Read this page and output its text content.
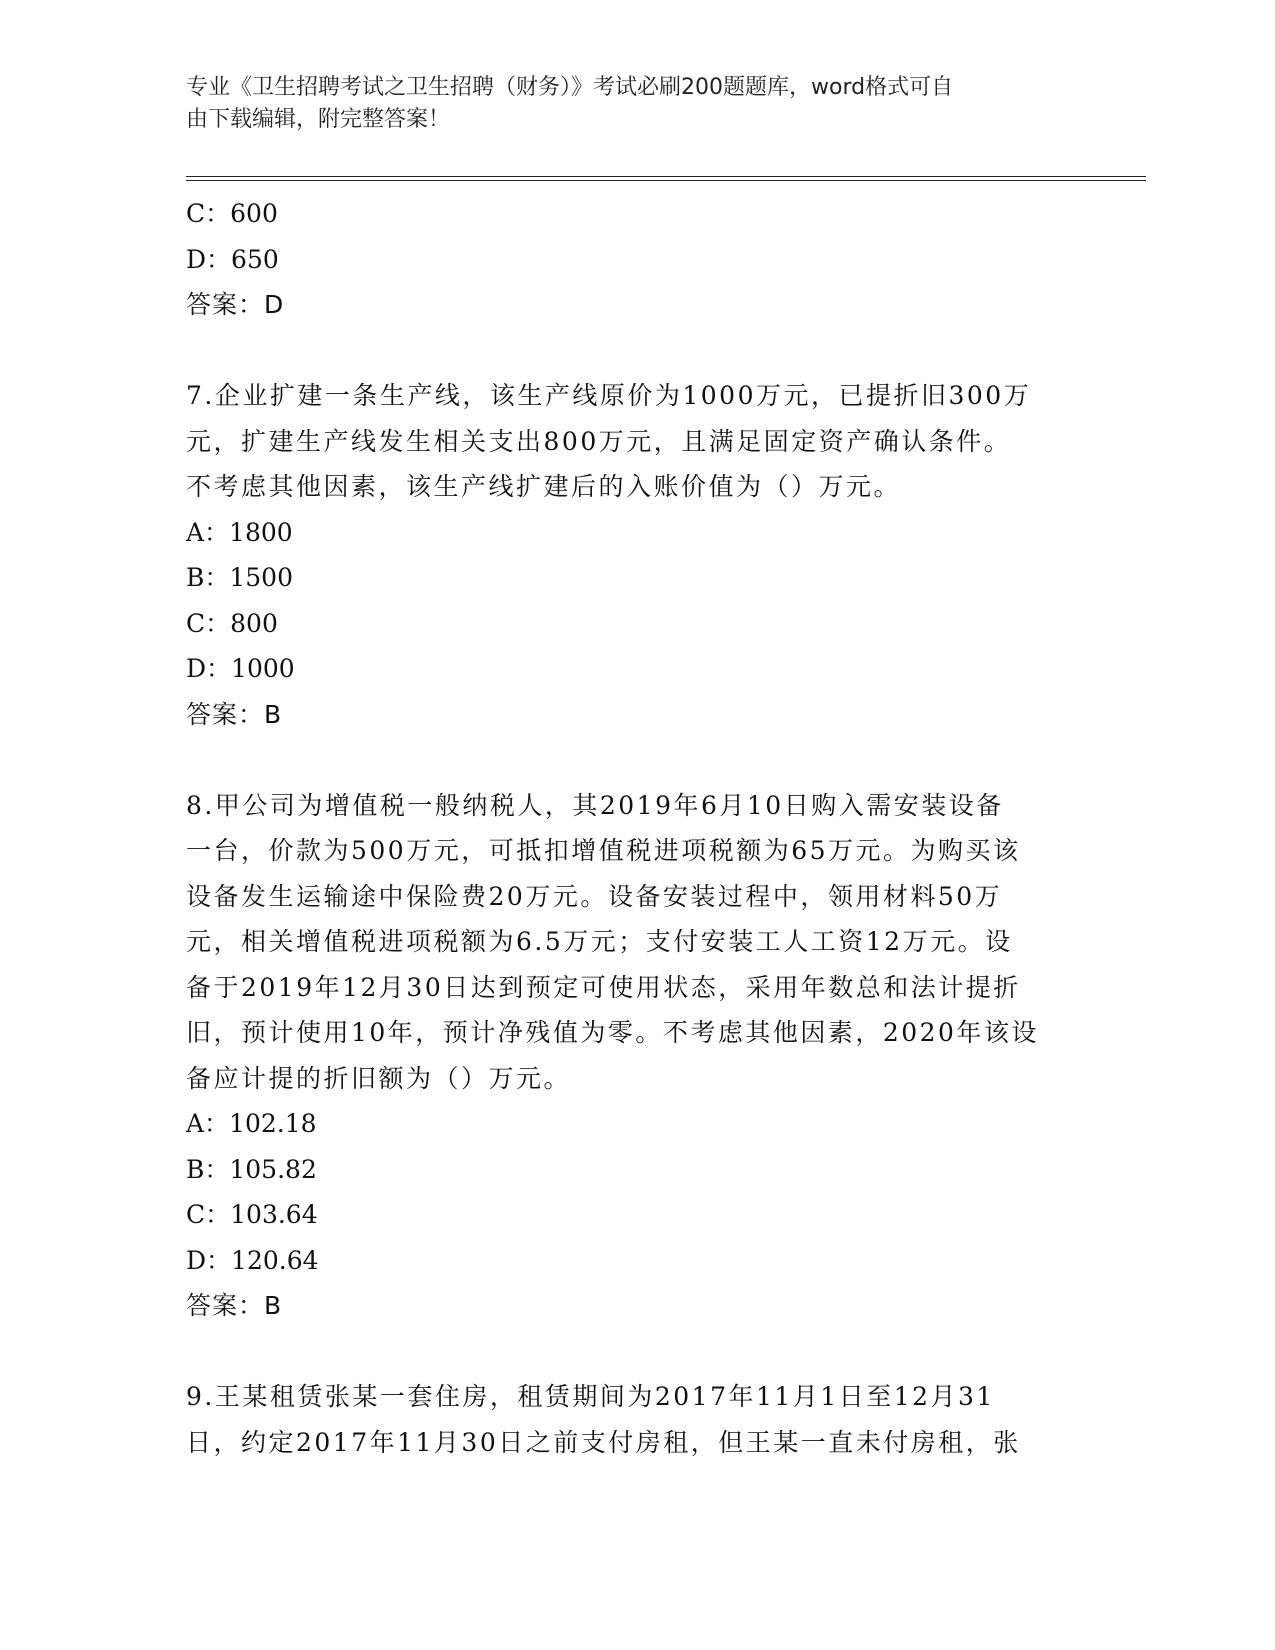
专业《卫生招聘考试之卫生招聘（财务）》考试必刷200题题库，word格式可自
由下载编辑，附完整答案！
C：600
D：650
答案：D
7.企业扩建一条生产线，该生产线原价为1000万元，已提折旧300万
元，扩建生产线发生相关支出800万元，且满足固定资产确认条件。
不考虑其他因素，该生产线扩建后的入账价值为（）万元。
A：1800
B：1500
C：800
D：1000
答案：B
8.甲公司为增值税一般纳税人，其2019年6月10日购入需安装设备
一台，价款为500万元，可抵扣增值税进项税额为65万元。为购买该
设备发生运输途中保险费20万元。设备安装过程中，领用材料50万
元，相关增值税进项税额为6.5万元；支付安装工人工资12万元。设
备于2019年12月30日达到预定可使用状态，采用年数总和法计提折
旧，预计使用10年，预计净残值为零。不考虑其他因素，2020年该设
备应计提的折旧额为（）万元。
A：102.18
B：105.82
C：103.64
D：120.64
答案：B
9.王某租赁张某一套住房，租赁期间为2017年11月1日至12月31
日，约定2017年11月30日之前支付房租，但王某一直未付房租，张
